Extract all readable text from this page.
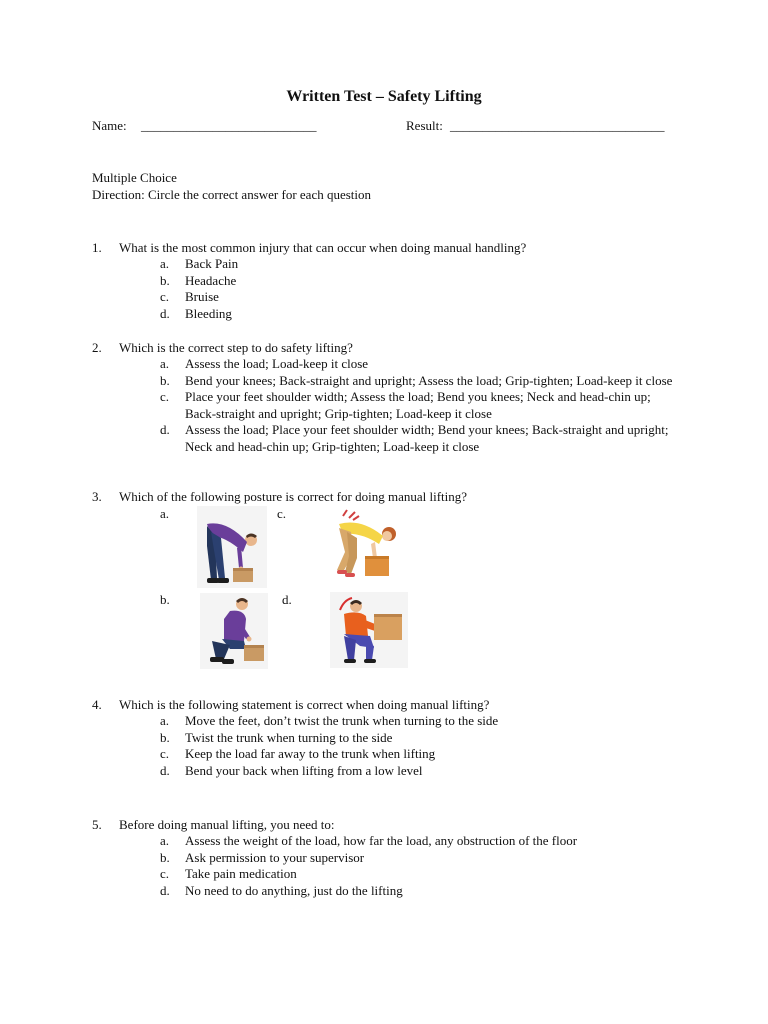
Written Test – Safety Lifting
Name: ___________________________	Result: _________________________________
Multiple Choice
Direction: Circle the correct answer for each question
1. What is the most common injury that can occur when doing manual handling?
a. Back Pain
b. Headache
c. Bruise
d. Bleeding
2. Which is the correct step to do safety lifting?
a. Assess the load; Load-keep it close
b. Bend your knees; Back-straight and upright; Assess the load; Grip-tighten; Load-keep it close
c. Place your feet shoulder width; Assess the load; Bend you knees; Neck and head-chin up; Back-straight and upright; Grip-tighten; Load-keep it close
d. Assess the load; Place your feet shoulder width; Bend your knees; Back-straight and upright; Neck and head-chin up; Grip-tighten; Load-keep it close
3. Which of the following posture is correct for doing manual lifting?
a.
b.
c.
d.
4. Which is the following statement is correct when doing manual lifting?
a. Move the feet, don’t twist the trunk when turning to the side
b. Twist the trunk when turning to the side
c. Keep the load far away to the trunk when lifting
d. Bend your back when lifting from a low level
5. Before doing manual lifting, you need to:
a. Assess the weight of the load, how far the load, any obstruction of the floor
b. Ask permission to your supervisor
c. Take pain medication
d. No need to do anything, just do the lifting
